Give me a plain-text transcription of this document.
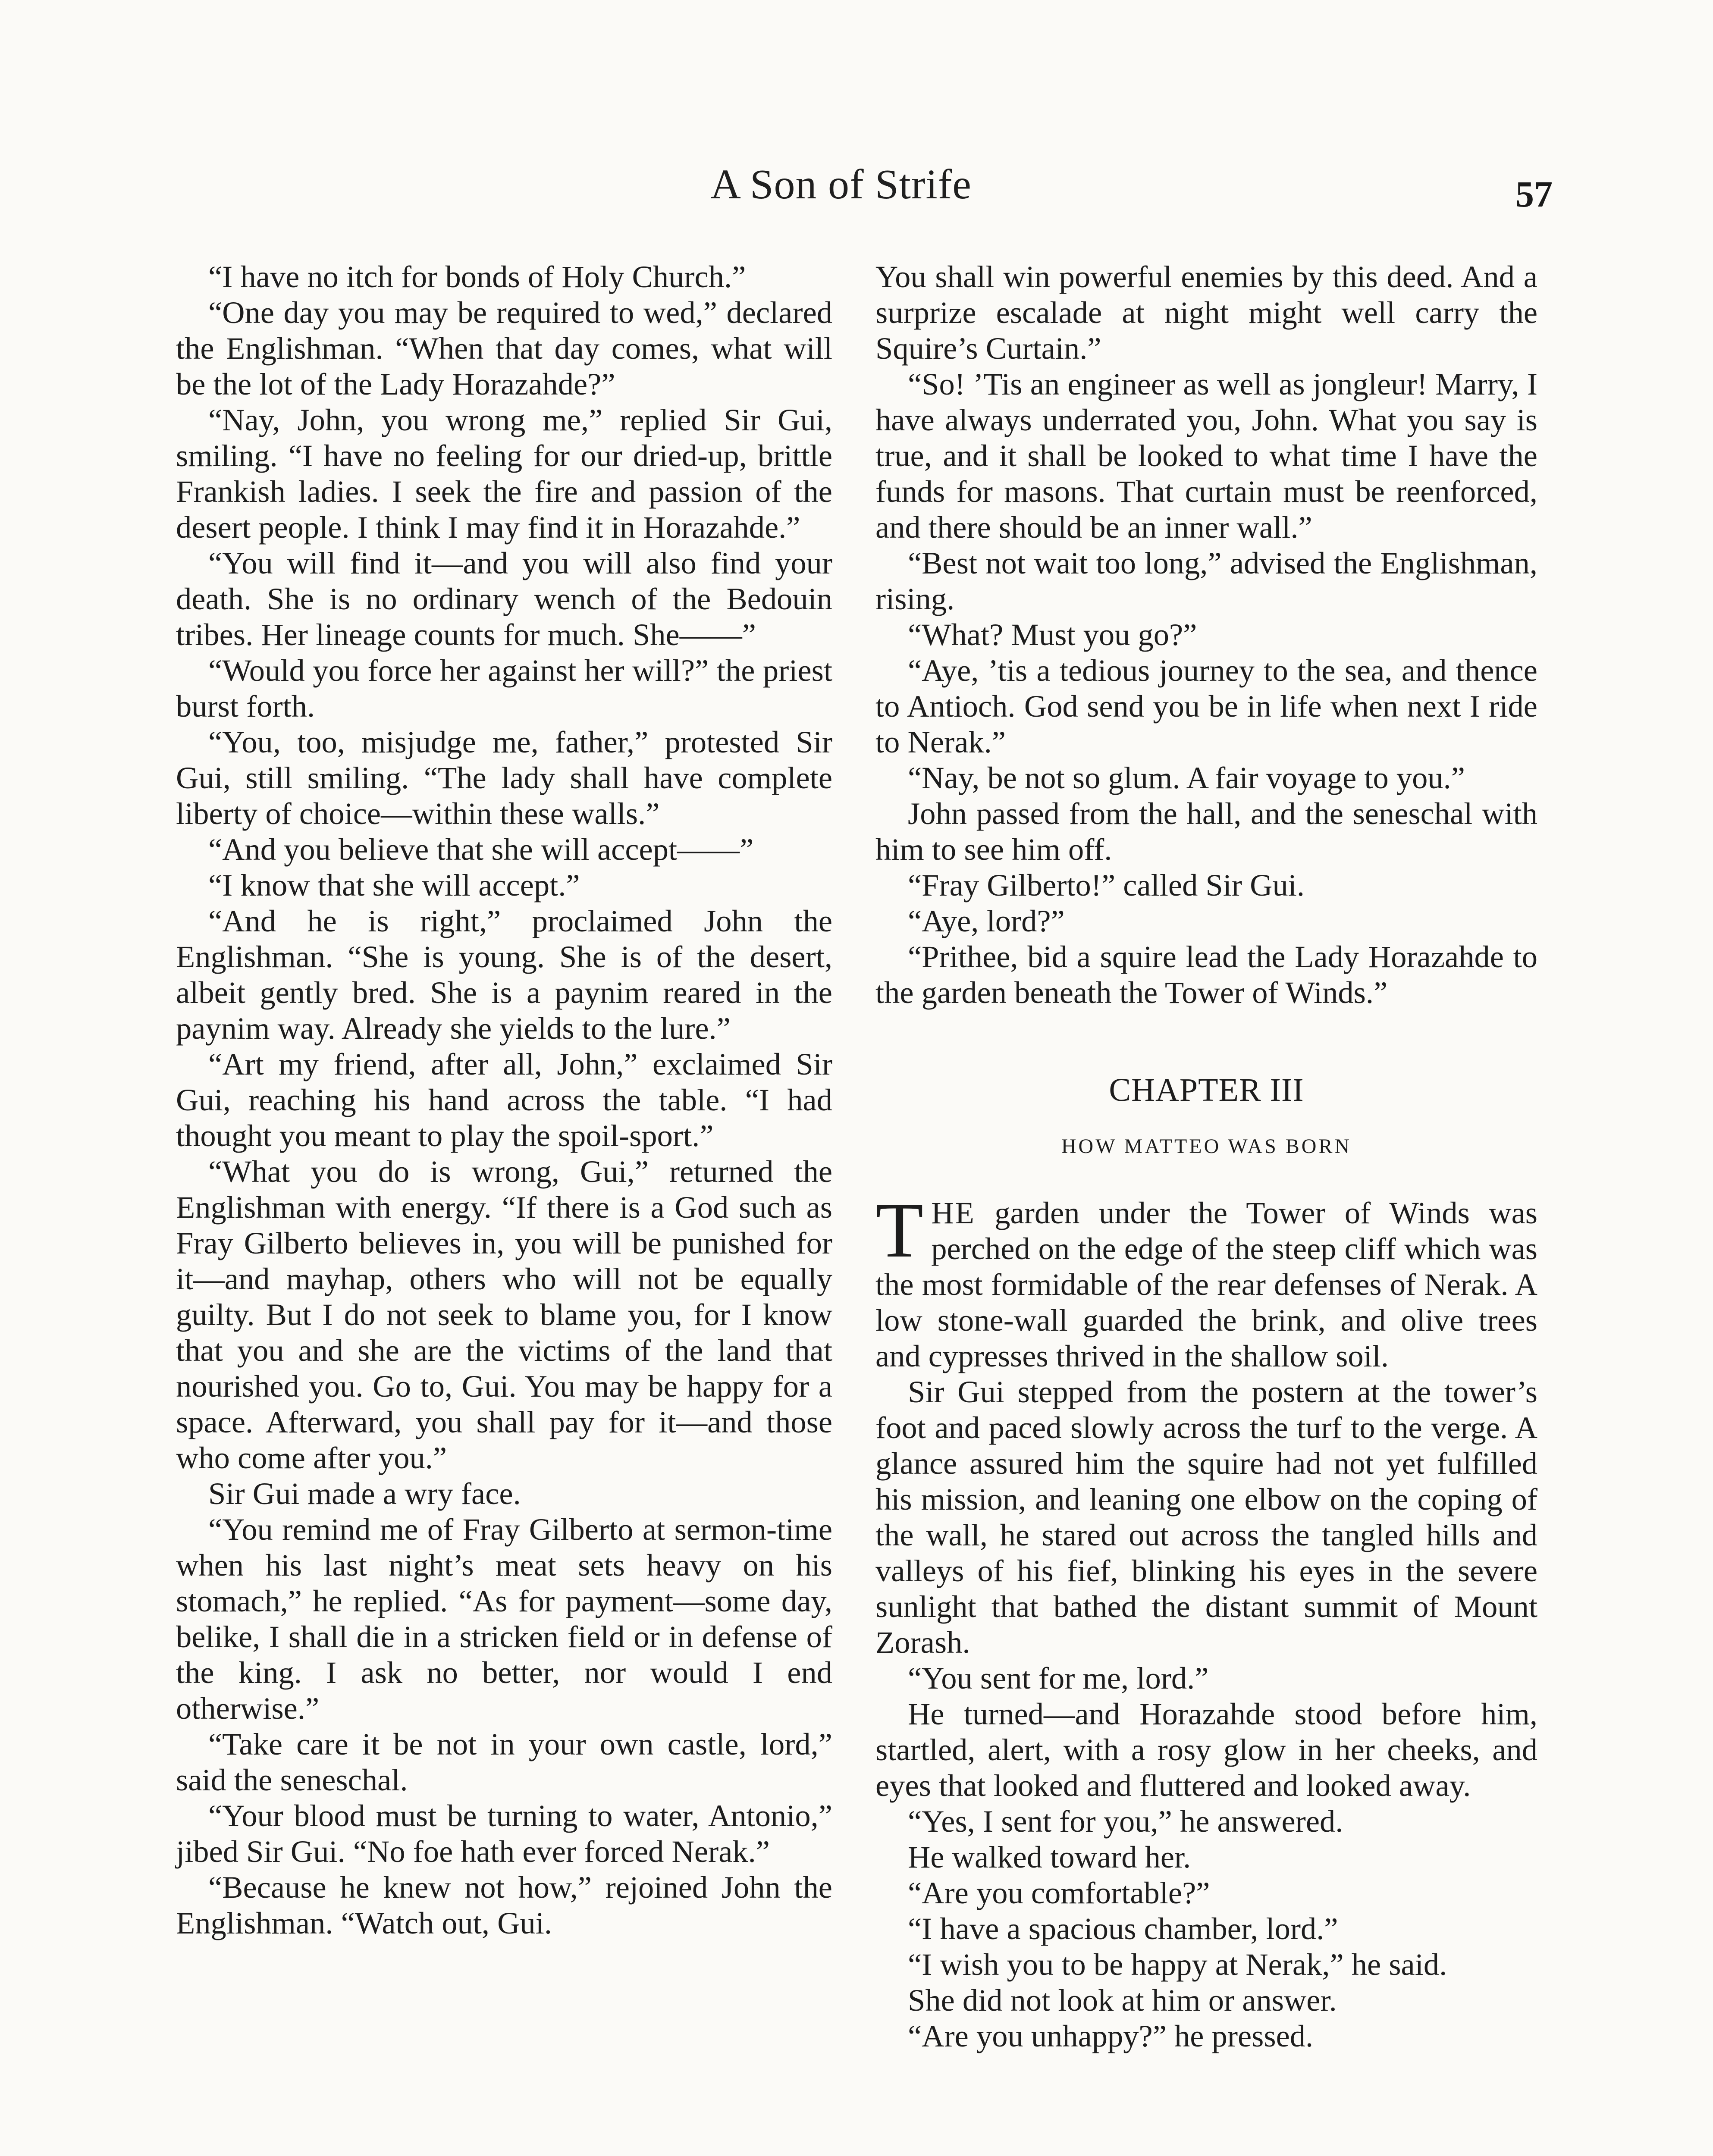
A Son of Strife	57

“I have no itch for bonds of Holy Church.”

“One day you may be required to wed,” declared the Englishman. “When that day comes, what will be the lot of the Lady Horazahde?”

“Nay, John, you wrong me,” replied Sir Gui, smiling. “I have no feeling for our dried-up, brittle Frankish ladies. I seek the fire and passion of the desert people. I think I may find it in Horazahde.”

“You will find it—and you will also find your death. She is no ordinary wench of the Bedouin tribes. Her lineage counts for much. She——”

“Would you force her against her will?” the priest burst forth.

“You, too, misjudge me, father,” protested Sir Gui, still smiling. “The lady shall have complete liberty of choice—within these walls.”

“And you believe that she will accept——”

“I know that she will accept.”

“And he is right,” proclaimed John the Englishman. “She is young. She is of the desert, albeit gently bred. She is a paynim reared in the paynim way. Already she yields to the lure.”

“Art my friend, after all, John,” exclaimed Sir Gui, reaching his hand across the table. “I had thought you meant to play the spoil-sport.”

“What you do is wrong, Gui,” returned the Englishman with energy. “If there is a God such as Fray Gilberto believes in, you will be punished for it—and mayhap, others who will not be equally guilty. But I do not seek to blame you, for I know that you and she are the victims of the land that nourished you. Go to, Gui. You may be happy for a space. Afterward, you shall pay for it—and those who come after you.”

Sir Gui made a wry face.

“You remind me of Fray Gilberto at sermon-time when his last night’s meat sets heavy on his stomach,” he replied. “As for payment—some day, belike, I shall die in a stricken field or in defense of the king. I ask no better, nor would I end otherwise.”

“Take care it be not in your own castle, lord,” said the seneschal.

“Your blood must be turning to water, Antonio,” jibed Sir Gui. “No foe hath ever forced Nerak.”

“Because he knew not how,” rejoined John the Englishman. “Watch out, Gui.

You shall win powerful enemies by this deed. And a surprize escalade at night might well carry the Squire’s Curtain.”

“So! ’Tis an engineer as well as jongleur! Marry, I have always underrated you, John. What you say is true, and it shall be looked to what time I have the funds for masons. That curtain must be reenforced, and there should be an inner wall.”

“Best not wait too long,” advised the Englishman, rising.

“What? Must you go?”

“Aye, ’tis a tedious journey to the sea, and thence to Antioch. God send you be in life when next I ride to Nerak.”

“Nay, be not so glum. A fair voyage to you.”

John passed from the hall, and the seneschal with him to see him off.

“Fray Gilberto!” called Sir Gui.

“Aye, lord?”

“Prithee, bid a squire lead the Lady Horazahde to the garden beneath the Tower of Winds.”

CHAPTER III
HOW MATTEO WAS BORN

THE garden under the Tower of Winds was perched on the edge of the steep cliff which was the most formidable of the rear defenses of Nerak. A low stone-wall guarded the brink, and olive trees and cypresses thrived in the shallow soil.

Sir Gui stepped from the postern at the tower’s foot and paced slowly across the turf to the verge. A glance assured him the squire had not yet fulfilled his mission, and leaning one elbow on the coping of the wall, he stared out across the tangled hills and valleys of his fief, blinking his eyes in the severe sunlight that bathed the distant summit of Mount Zorash.

“You sent for me, lord.”

He turned—and Horazahde stood before him, startled, alert, with a rosy glow in her cheeks, and eyes that looked and fluttered and looked away.

“Yes, I sent for you,” he answered.

He walked toward her.

“Are you comfortable?”

“I have a spacious chamber, lord.”

“I wish you to be happy at Nerak,” he said.

She did not look at him or answer.

“Are you unhappy?” he pressed.
